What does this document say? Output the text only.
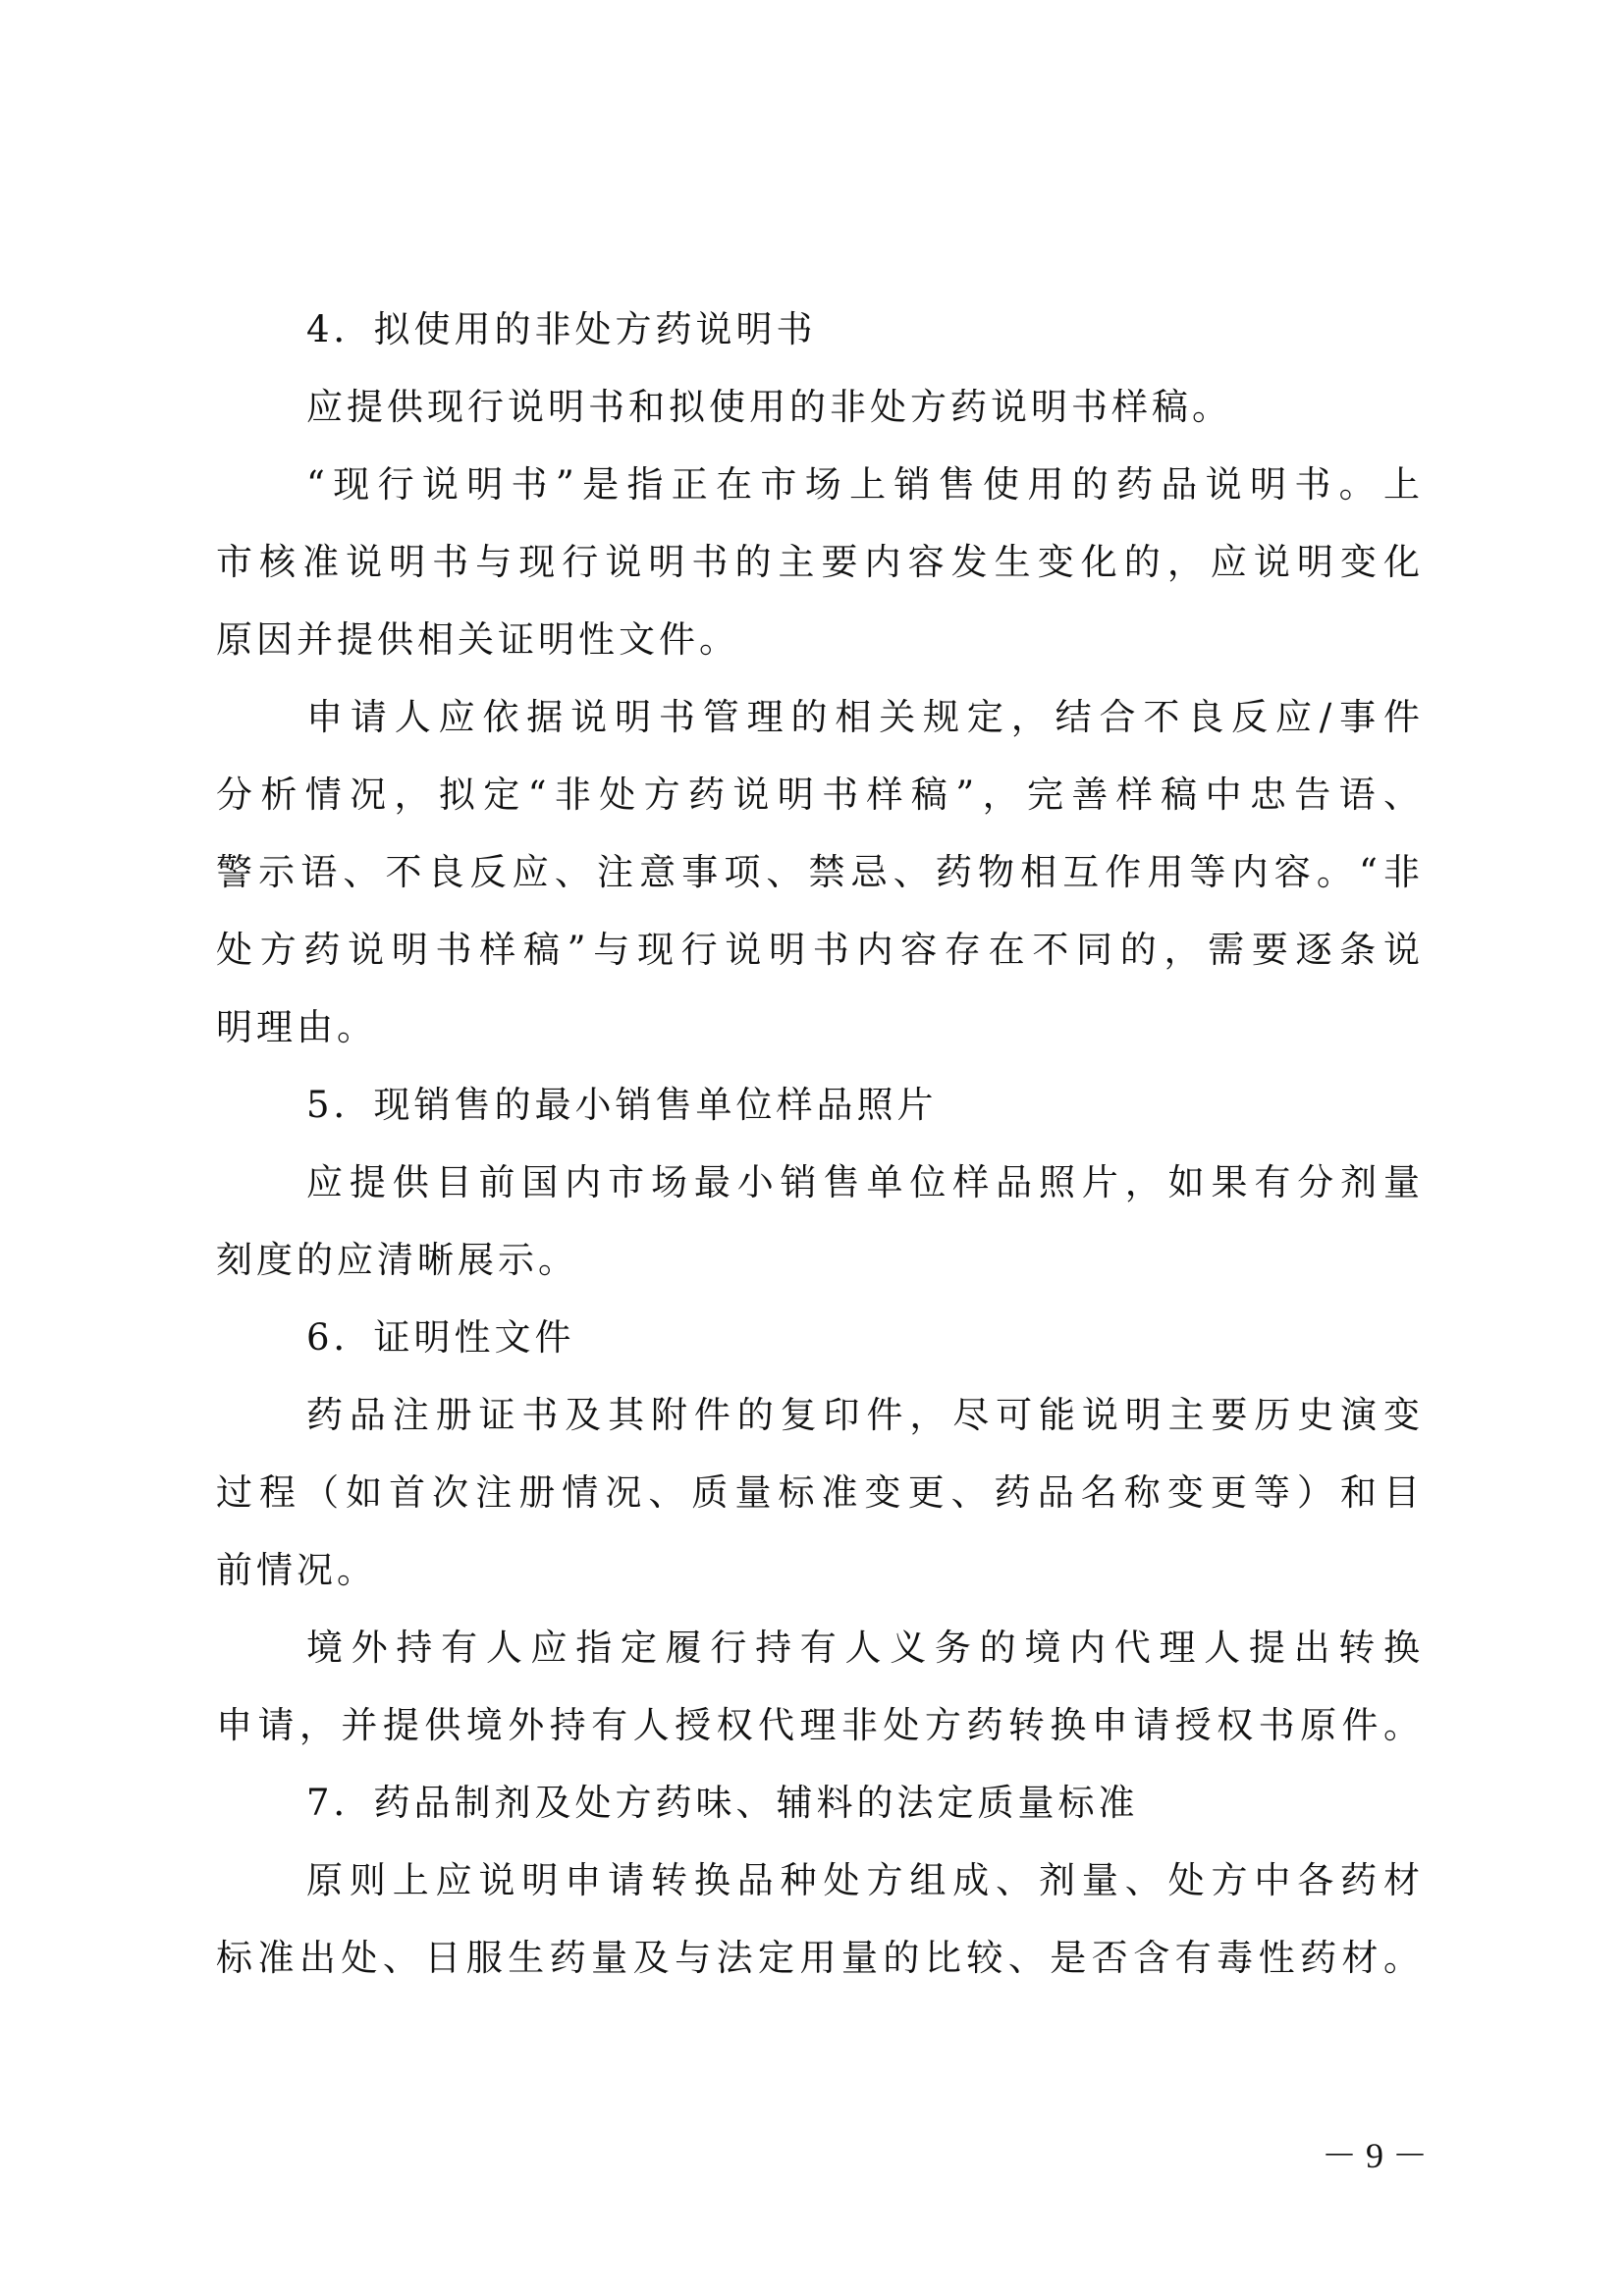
4．拟使用的非处方药说明书
应提供现行说明书和拟使用的非处方药说明书样稿。
“现行说明书”是指正在市场上销售使用的药品说明书。上
市核准说明书与现行说明书的主要内容发生变化的，应说明变化
原因并提供相关证明性文件。
申请人应依据说明书管理的相关规定，结合不良反应/事件
分析情况，拟定“非处方药说明书样稿”，完善样稿中忠告语、
警示语、不良反应、注意事项、禁忌、药物相互作用等内容。“非
处方药说明书样稿”与现行说明书内容存在不同的，需要逐条说
明理由。
5．现销售的最小销售单位样品照片
应提供目前国内市场最小销售单位样品照片，如果有分剂量
刻度的应清晰展示。
6．证明性文件
药品注册证书及其附件的复印件，尽可能说明主要历史演变
过程（如首次注册情况、质量标准变更、药品名称变更等）和目
前情况。
境外持有人应指定履行持有人义务的境内代理人提出转换
申请，并提供境外持有人授权代理非处方药转换申请授权书原件。
7．药品制剂及处方药味、辅料的法定质量标准
原则上应说明申请转换品种处方组成、剂量、处方中各药材
标准出处、日服生药量及与法定用量的比较、是否含有毒性药材。
－ 9 －
